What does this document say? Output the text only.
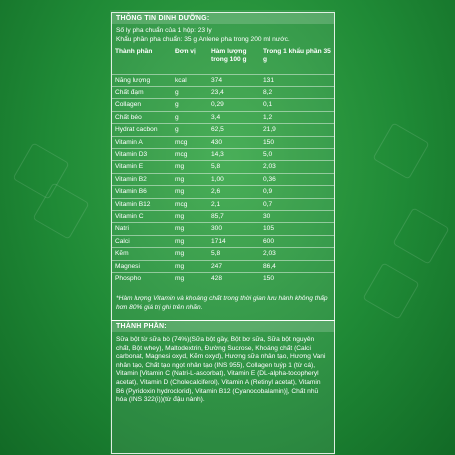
THÔNG TIN DINH DƯỠNG:
Số ly pha chuẩn của 1 hộp: 23 ly
Khẩu phần pha chuẩn: 35 g Anlene pha trong 200 ml nước.
Thành phần	Đơn vị	Hàm lượng trong 100 g	Trong 1 khẩu phần 35 g
Năng lượng	kcal	374	131
Chất đạm	g	23,4	8,2
Collagen	g	0,29	0,1
Chất béo	g	3,4	1,2
Hydrat cacbon	g	62,5	21,9
Vitamin A	mcg	430	150
Vitamin D3	mcg	14,3	5,0
Vitamin E	mg	5,8	2,03
Vitamin B2	mg	1,00	0,36
Vitamin B6	mg	2,6	0,9
Vitamin B12	mcg	2,1	0,7
Vitamin C	mg	85,7	30
Natri	mg	300	105
Calci	mg	1714	600
Kẽm	mg	5,8	2,03
Magnesi	mg	247	86,4
Phospho	mg	428	150
*Hàm lượng Vitamin và khoáng chất trong thời gian lưu hành không thấp hơn 80% giá trị ghi trên nhãn.
THÀNH PHẦN:
Sữa bột từ sữa bò (74%)(Sữa bột gầy, Bột bơ sữa, Sữa bột nguyên chất, Bột whey), Maltodextrin, Đường Sucrose, Khoáng chất (Calci carbonat, Magnesi oxyd, Kẽm oxyd), Hương sữa nhân tạo, Hương Vani nhân tạo, Chất tạo ngọt nhân tạo (INS 955), Collagen tuýp 1 (từ cá), Vitamin [Vitamin C (Natri-L-ascorbat), Vitamin E (DL-alpha-tocopheryl acetat), Vitamin D (Cholecalciferol), Vitamin A (Retinyl acetat), Vitamin B6 (Pyridoxin hydroclorid), Vitamin B12 (Cyanocobalamin)], Chất nhũ hóa (INS 322(i))(từ đậu nành).
